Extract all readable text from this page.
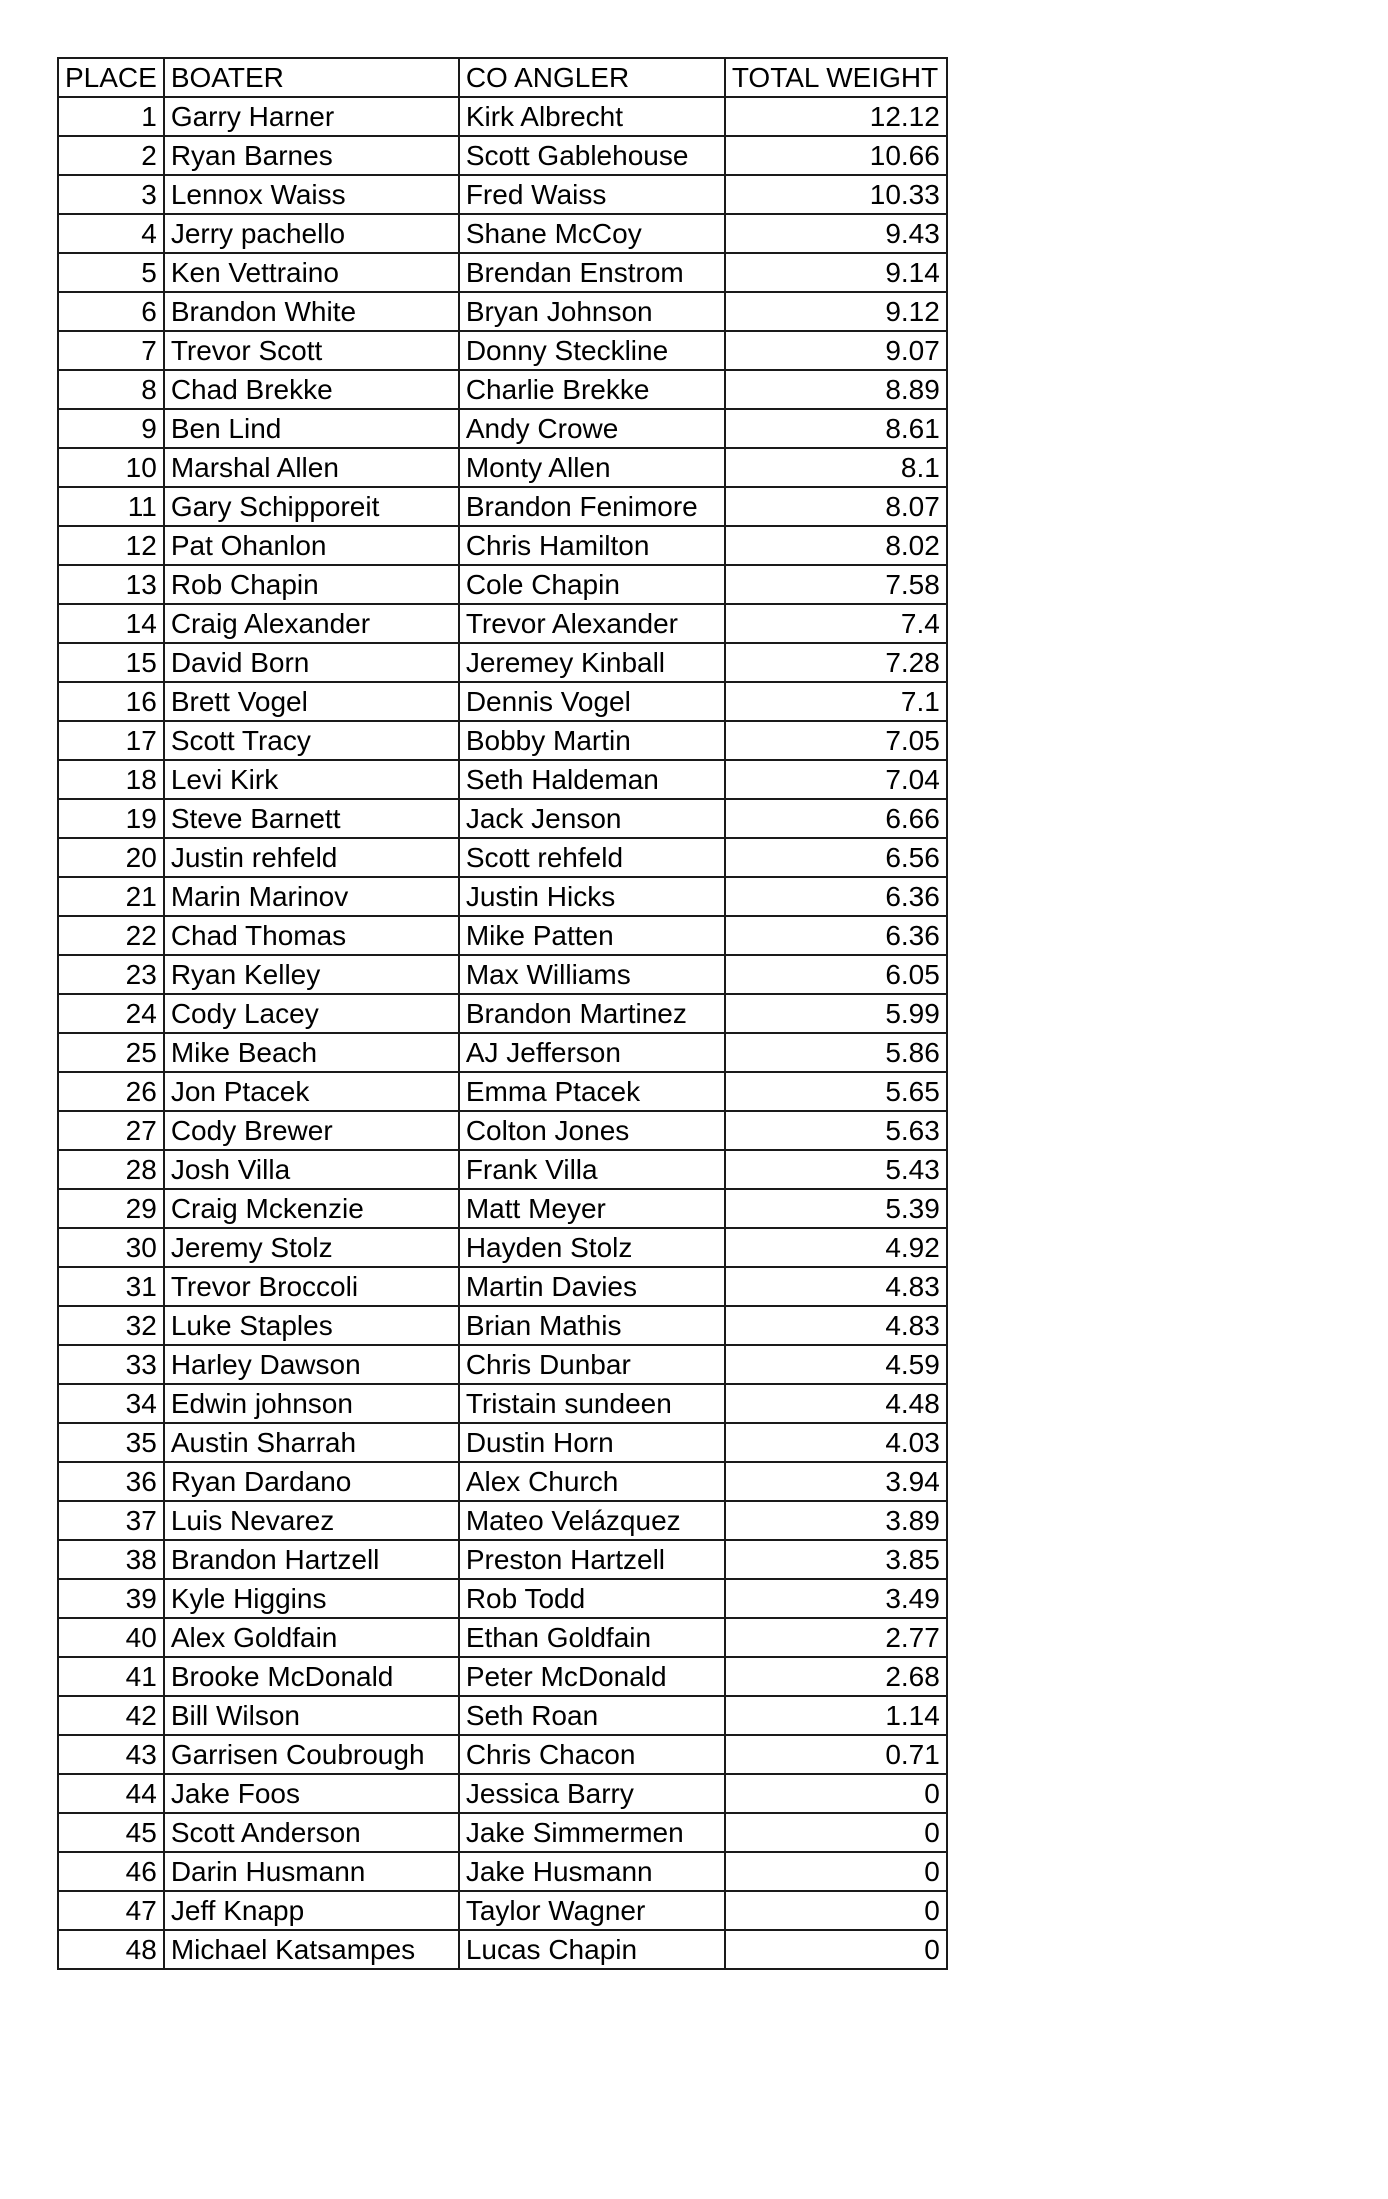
PLACE	BOATER	CO ANGLER	TOTAL WEIGHT
1	Garry Harner	Kirk Albrecht	12.12
2	Ryan Barnes	Scott Gablehouse	10.66
3	Lennox Waiss	Fred Waiss	10.33
4	Jerry pachello	Shane McCoy	9.43
5	Ken Vettraino	Brendan Enstrom	9.14
6	Brandon White	Bryan Johnson	9.12
7	Trevor Scott	Donny Steckline	9.07
8	Chad Brekke	Charlie Brekke	8.89
9	Ben Lind	Andy Crowe	8.61
10	Marshal Allen	Monty Allen	8.1
11	Gary Schipporeit	Brandon Fenimore	8.07
12	Pat Ohanlon	Chris Hamilton	8.02
13	Rob Chapin	Cole Chapin	7.58
14	Craig Alexander	Trevor Alexander	7.4
15	David Born	Jeremey Kinball	7.28
16	Brett Vogel	Dennis Vogel	7.1
17	Scott Tracy	Bobby Martin	7.05
18	Levi Kirk	Seth Haldeman	7.04
19	Steve Barnett	Jack Jenson	6.66
20	Justin rehfeld	Scott rehfeld	6.56
21	Marin Marinov	Justin Hicks	6.36
22	Chad Thomas	Mike Patten	6.36
23	Ryan Kelley	Max Williams	6.05
24	Cody Lacey	Brandon Martinez	5.99
25	Mike Beach	AJ Jefferson	5.86
26	Jon Ptacek	Emma Ptacek	5.65
27	Cody Brewer	Colton Jones	5.63
28	Josh Villa	Frank Villa	5.43
29	Craig Mckenzie	Matt Meyer	5.39
30	Jeremy Stolz	Hayden Stolz	4.92
31	Trevor Broccoli	Martin Davies	4.83
32	Luke Staples	Brian Mathis	4.83
33	Harley Dawson	Chris Dunbar	4.59
34	Edwin johnson	Tristain sundeen	4.48
35	Austin Sharrah	Dustin Horn	4.03
36	Ryan Dardano	Alex Church	3.94
37	Luis Nevarez	Mateo Velázquez	3.89
38	Brandon Hartzell	Preston Hartzell	3.85
39	Kyle Higgins	Rob Todd	3.49
40	Alex Goldfain	Ethan Goldfain	2.77
41	Brooke McDonald	Peter McDonald	2.68
42	Bill Wilson	Seth Roan	1.14
43	Garrisen Coubrough	Chris Chacon	0.71
44	Jake Foos	Jessica Barry	0
45	Scott Anderson	Jake Simmermen	0
46	Darin Husmann	Jake Husmann	0
47	Jeff Knapp	Taylor Wagner	0
48	Michael Katsampes	Lucas Chapin	0
